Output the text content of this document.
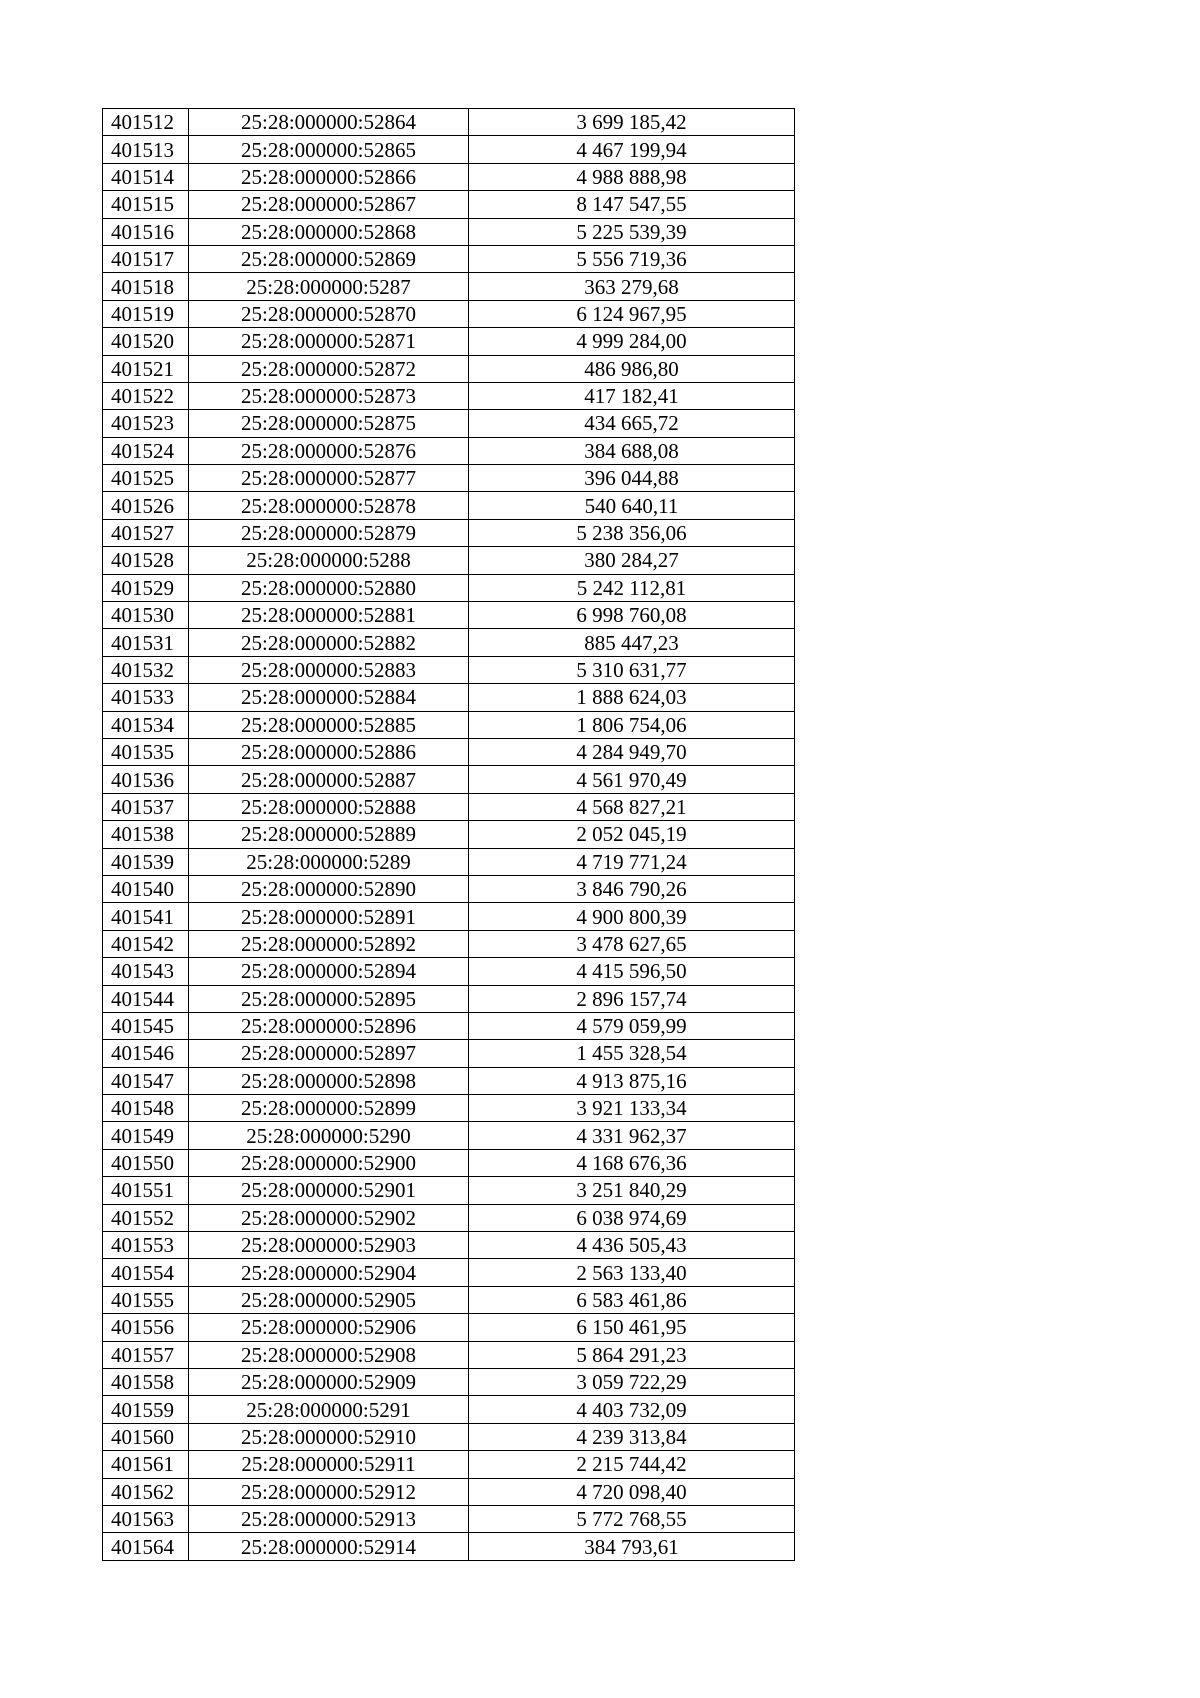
401512	25:28:000000:52864	3 699 185,42
401513	25:28:000000:52865	4 467 199,94
401514	25:28:000000:52866	4 988 888,98
401515	25:28:000000:52867	8 147 547,55
401516	25:28:000000:52868	5 225 539,39
401517	25:28:000000:52869	5 556 719,36
401518	25:28:000000:5287	363 279,68
401519	25:28:000000:52870	6 124 967,95
401520	25:28:000000:52871	4 999 284,00
401521	25:28:000000:52872	486 986,80
401522	25:28:000000:52873	417 182,41
401523	25:28:000000:52875	434 665,72
401524	25:28:000000:52876	384 688,08
401525	25:28:000000:52877	396 044,88
401526	25:28:000000:52878	540 640,11
401527	25:28:000000:52879	5 238 356,06
401528	25:28:000000:5288	380 284,27
401529	25:28:000000:52880	5 242 112,81
401530	25:28:000000:52881	6 998 760,08
401531	25:28:000000:52882	885 447,23
401532	25:28:000000:52883	5 310 631,77
401533	25:28:000000:52884	1 888 624,03
401534	25:28:000000:52885	1 806 754,06
401535	25:28:000000:52886	4 284 949,70
401536	25:28:000000:52887	4 561 970,49
401537	25:28:000000:52888	4 568 827,21
401538	25:28:000000:52889	2 052 045,19
401539	25:28:000000:5289	4 719 771,24
401540	25:28:000000:52890	3 846 790,26
401541	25:28:000000:52891	4 900 800,39
401542	25:28:000000:52892	3 478 627,65
401543	25:28:000000:52894	4 415 596,50
401544	25:28:000000:52895	2 896 157,74
401545	25:28:000000:52896	4 579 059,99
401546	25:28:000000:52897	1 455 328,54
401547	25:28:000000:52898	4 913 875,16
401548	25:28:000000:52899	3 921 133,34
401549	25:28:000000:5290	4 331 962,37
401550	25:28:000000:52900	4 168 676,36
401551	25:28:000000:52901	3 251 840,29
401552	25:28:000000:52902	6 038 974,69
401553	25:28:000000:52903	4 436 505,43
401554	25:28:000000:52904	2 563 133,40
401555	25:28:000000:52905	6 583 461,86
401556	25:28:000000:52906	6 150 461,95
401557	25:28:000000:52908	5 864 291,23
401558	25:28:000000:52909	3 059 722,29
401559	25:28:000000:5291	4 403 732,09
401560	25:28:000000:52910	4 239 313,84
401561	25:28:000000:52911	2 215 744,42
401562	25:28:000000:52912	4 720 098,40
401563	25:28:000000:52913	5 772 768,55
401564	25:28:000000:52914	384 793,61
